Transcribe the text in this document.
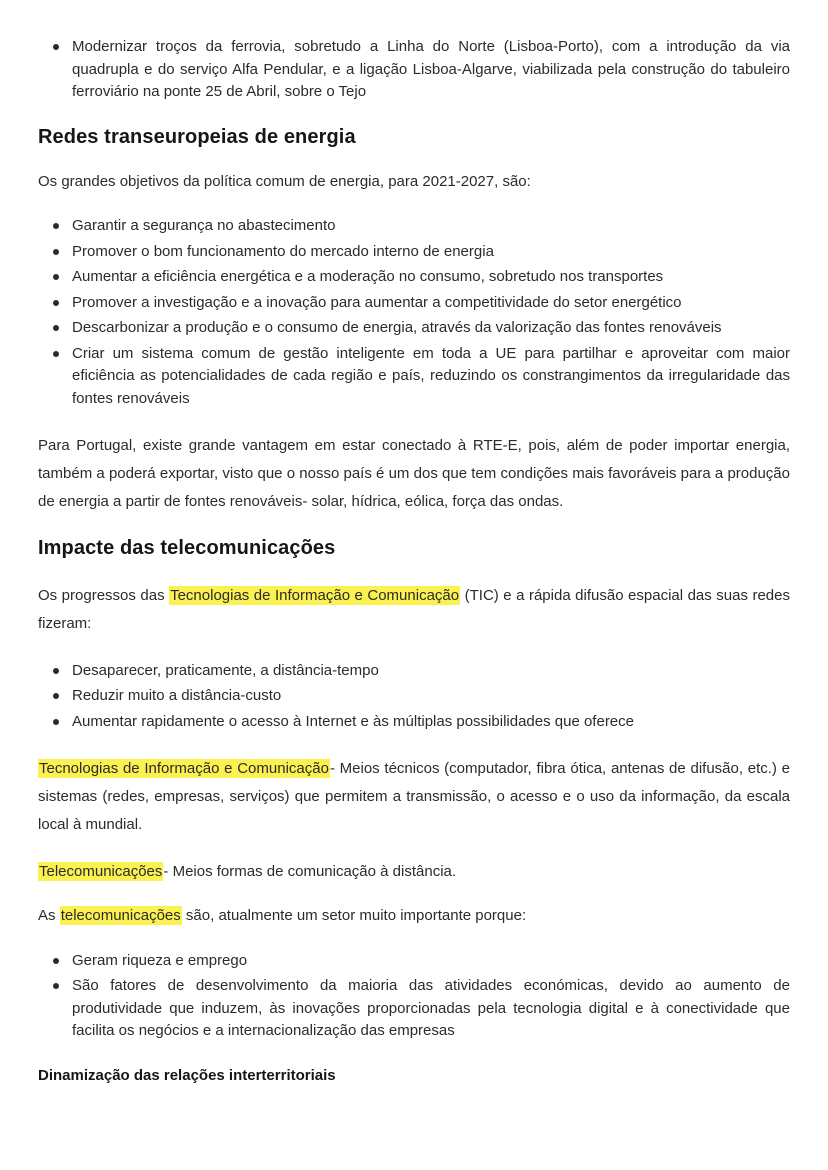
Modernizar troços da ferrovia, sobretudo a Linha do Norte (Lisboa-Porto), com a introdução da via quadrupla e do serviço Alfa Pendular, e a ligação Lisboa-Algarve, viabilizada pela construção do tabuleiro ferroviário na ponte 25 de Abril, sobre o Tejo
Redes transeuropeias de energia

Os grandes objetivos da política comum de energia, para 2021-2027, são:

Garantir a segurança no abastecimento
Promover o bom funcionamento do mercado interno de energia
Aumentar a eficiência energética e a moderação no consumo, sobretudo nos transportes
Promover a investigação e a inovação para aumentar a competitividade do setor energético
Descarbonizar a produção e o consumo de energia, através da valorização das fontes renováveis
Criar um sistema comum de gestão inteligente em toda a UE para partilhar e aproveitar com maior eficiência as potencialidades de cada região e país, reduzindo os constrangimentos da irregularidade das fontes renováveis

Para Portugal, existe grande vantagem em estar conectado à RTE-E, pois, além de poder importar energia, também a poderá exportar, visto que o nosso país é um dos que tem condições mais favoráveis para a produção de energia a partir de fontes renováveis- solar, hídrica, eólica, força das ondas.

Impacte das telecomunicações

Os progressos das Tecnologias de Informação e Comunicação (TIC) e a rápida difusão espacial das suas redes fizeram:

Desaparecer, praticamente, a distância-tempo
Reduzir muito a distância-custo
Aumentar rapidamente o acesso à Internet e às múltiplas possibilidades que oferece

Tecnologias de Informação e Comunicação- Meios técnicos (computador, fibra ótica, antenas de difusão, etc.) e sistemas (redes, empresas, serviços) que permitem a transmissão, o acesso e o uso da informação, da escala local à mundial.

Telecomunicações- Meios formas de comunicação à distância.

As telecomunicações são, atualmente um setor muito importante porque:

Geram riqueza e emprego
São fatores de desenvolvimento da maioria das atividades económicas, devido ao aumento de produtividade que induzem, às inovações proporcionadas pela tecnologia digital e à conectividade que facilita os negócios e a internacionalização das empresas

Dinamização das relações interterritoriais
